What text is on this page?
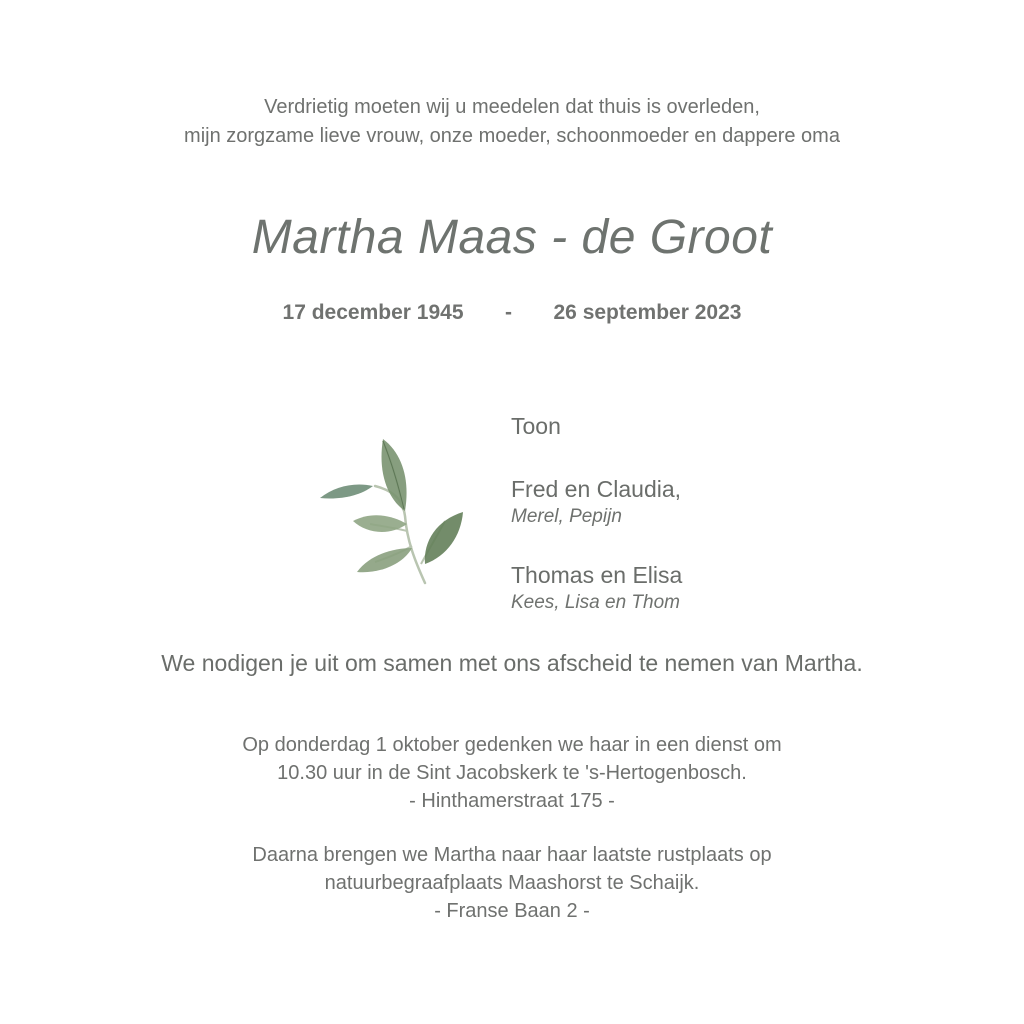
Verdrietig moeten wij u meedelen dat thuis is overleden,
mijn zorgzame lieve vrouw, onze moeder, schoonmoeder en dappere oma
Martha Maas - de Groot
17 december 1945 - 26 september 2023
Toon
Fred en Claudia,
Merel, Pepijn
Thomas en Elisa
Kees, Lisa en Thom
We nodigen je uit om samen met ons afscheid te nemen van Martha.
Op donderdag 1 oktober gedenken we haar in een dienst om
10.30 uur in de Sint Jacobskerk te 's-Hertogenbosch.
- Hinthamerstraat 175 -
Daarna brengen we Martha naar haar laatste rustplaats op
natuurbegraafplaats Maashorst te Schaijk.
- Franse Baan 2 -
